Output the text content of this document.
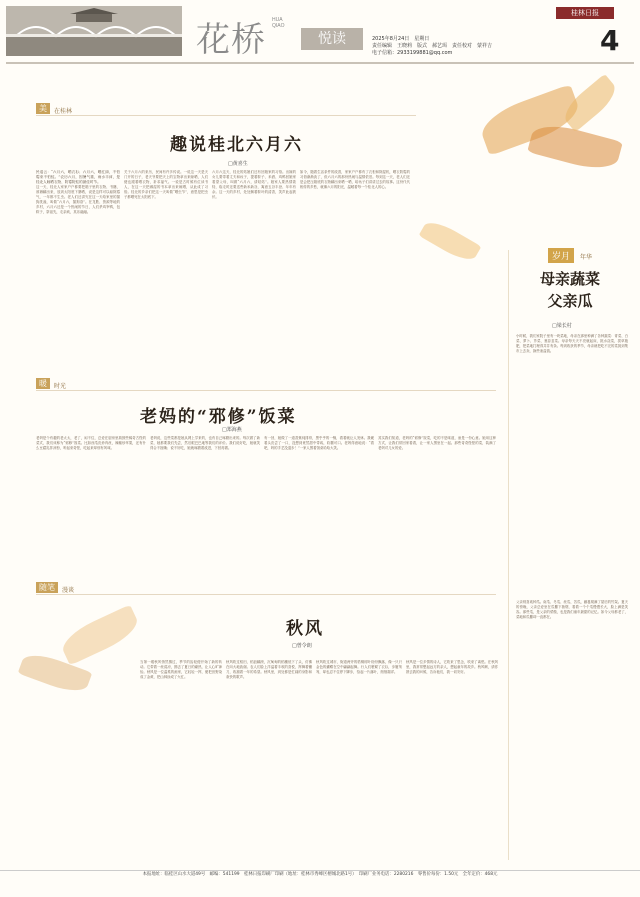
花桥 HUA QIAO
悦读	2025年8月24日　星期日
责任编辑　王晓莉　版式　郝艺珥　责任校对　蒙祥吉
电子信箱：2933199881@qq.com
桂林日报
4
美	在桂林
趣说桂北六月六
□黄喜生
民谣云：“六月六，晒衣衫；六月六，晒红绿，不怕霉来不怕蛀。”农历六月，因暑气重，雨水丰沛，是桂北人晾晒衣物、防霉防蛀的最佳时节。
这一天，桂北人家家户户都要把箱子里的衣物、书籍、被褥翻出来，放到太阳底下暴晒，说是这样可以驱除霉气，一年都不生虫。老人们还讲究在这一天给家里的猫狗洗澡，叫做“六月六，猫狗浴”。在龙胜、资源等地的乡村，六月六还是一个热闹的节日，人们杀鸡宰鸭，包粽子，祭祖先，走亲戚，其乐融融。
关于六月六的来历，民间有许多传说。一说这一天是天门开的日子，老天爷要把天上的宝物拿出来晾晒，人们便也跟着晒衣物，祈求福气。一说是古时候有位读书人，在这一天把淋湿的书本拿出来晾晒，从此成了习俗。桂北的乡亲们把这一天叫做“晒虫节”，意思是把虫子都晒死在太阳底下。
六月六这天，桂北的姑娘们还有回娘家的习俗。出嫁的女儿要带着丈夫和孩子，提着粽子、米酒、鸡鸭回娘家看望父母，叫做“六月六，请姑姑”。娘家人要热情款待，临走时还要送些新米新谷，寓意五谷丰登、年年有余。这一天的乡村，处处飘着粽叶的清香，笑声此起彼伏。
如今，随着生活条件的改善，家家户户都有了衣柜和除湿机，晒衣防霉的习俗渐渐淡了，但六月六的那份热闹与温情依旧。每到这一天，老人们还是会把压箱底的衣物翻出来晒一晒，给孩子们讲讲过去的故事。这份代代相传的乡愁，就像六月的阳光，温暖着每一个桂北人的心。
岁月	年华
母亲蔬菜
父亲瓜
□梁长村
小时候，我们家院子里有一块菜地，母亲在那里种满了各种蔬菜：青菜、白菜、萝卜、芥菜、葱蒜韭菜。母亲每天天不亮就起床，挑水浇菜，拔草施肥，把菜地打理得井井有条。每到收获的季节，母亲就把吃不完的菜挑到集市上去卖，换些油盐钱。
父亲则喜欢种瓜。南瓜、冬瓜、丝瓜、苦瓜，藤蔓爬满了屋后的竹架。夏天的傍晚，父亲总爱坐在瓜棚下抽烟，看着一个个瓜慢慢长大，脸上满是笑容。那些瓜，是父亲的骄傲，也是我们童年最甜的记忆。如今父母都老了，菜地和瓜棚却一直都在。
暖	时光
老妈的“邪修”饭菜
□郑海燕
老妈是个有趣的老太太，老了，闲不住，总爱在厨房里捣鼓些稀奇古怪的菜式，我们戏称为“邪修”饭菜。比如西瓜皮炒肉丝，辣椒炒苹果，还有什么豆腐乳拌凉粉，听起来奇怪，吃起来却别有风味。
老妈说，这些菜都是她从网上学来的，也有自己琢磨出来的。每次做了新菜，她都要我们先尝，然后眼巴巴地等我们的评价。我们说好吃，她就笑得合不拢嘴；说不好吃，她就琢磨着改进，下回再做。
有一回，她做了一道香蕉炖排骨，黑乎乎的一锅，看着就让人发怵。我硬着头皮尝了一口，没想到竟然甜中带咸，软糯可口。老妈得意地说：“看吧，妈的手艺没退步！”一家人围着饭桌哈哈大笑。
其实我们知道，老妈的“邪修”饭菜，吃的不是味道，而是一份心意。她用这种方式，让我们常回家看看，让一家人围坐在一起。那些奇奇怪怪的菜，装满了老妈对儿女的爱。
随笔	漫谈
秋风
□曾令朗
当第一缕秋风悄然拂过，季节的齿轮便开始了新的转动。它带着一丝清凉，拂去了夏日的燥热，让人心旷神怡。秋风是一位温柔的画家，它轻轻一挥，便把田野染成了金黄，把山林涂成了火红。
秋风吹过稻田，稻浪翻滚，沉甸甸的稻穗低下了头，仿佛在向大地致谢。农人们脸上洋溢着丰收的喜悦，挥舞着镰刀，收割着一年的希望。秋风里，到处都是忙碌的身影和欢快的歌声。
秋风吹过城市，街道两旁的梧桐树叶纷纷飘落，像一只只金色的蝴蝶在空中翩翩起舞。行人们裹紧了衣衫，步履匆匆，却也忍不住停下脚步，拾起一片落叶，细细端详。
秋风是一位多情的诗人，它吹来了思念，吹来了离愁。在秋风里，我常常想起远方的亲人，想起童年的故乡。秋风啊，请你捎去我的问候，告诉他们，我一切安好。
本报地址：临桂区山水大道49号　邮编：541199　桂林日报印刷厂印刷（地址：桂林市秀峰区榕城北路1号）　印刷厂业务电话：2280216　零售价每份：1.50元　全年定价：468元
